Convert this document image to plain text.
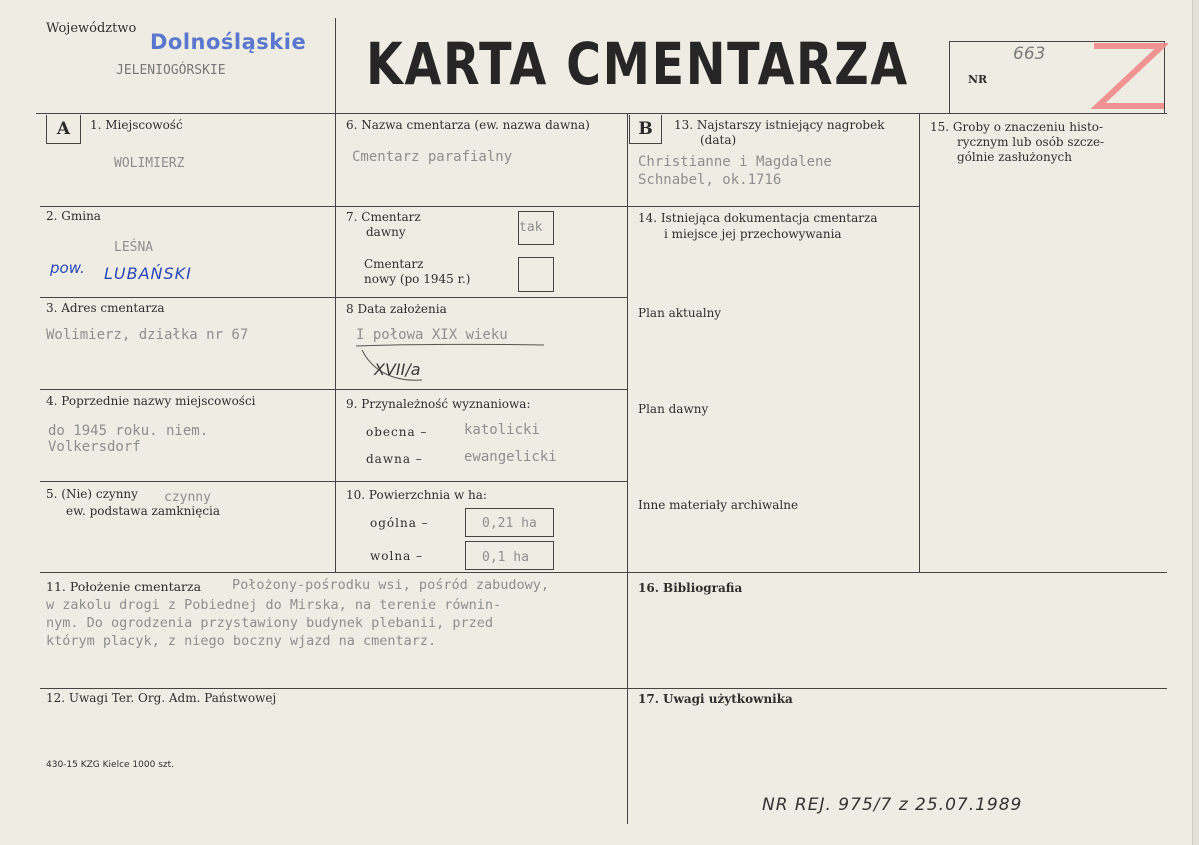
Województwo
Dolnośląskie
JELENIOGÓRSKIE KARTA CMENTARZA	NR
663
A	1. Miejscowość
WOLIMIERZ
2. Gmina
LEŚNA
pow. LUBAŃSKI
3. Adres cmentarza
Wolimierz, działka nr 67
4. Poprzednie nazwy miejscowości
do 1945 roku. niem.
Volkersdorf
5. (Nie) czynny czynny
ew. podstawa zamknięcia
6. Nazwa cmentarza (ew. nazwa dawna)
Cmentarz parafialny
7. Cmentarz
dawny	tak
Cmentarz
nowy (po 1945 r.)
8 Data założenia
I połowa XIX wieku
XVII/a
9. Przynależność wyznaniowa:
obecna –	katolicki
dawna –	ewangelicki
10. Powierzchnia w ha:
ogólna –	0,21 ha
wolna –	0,1 ha
B	13. Najstarszy istniejący nagrobek
(data)
Christianne i Magdalene
Schnabel, ok.1716
14. Istniejąca dokumentacja cmentarza
i miejsce jej przechowywania
Plan aktualny
Plan dawny
Inne materiały archiwalne
15. Groby o znaczeniu histo-
rycznym lub osób szcze-
gólnie zasłużonych
11. Położenie cmentarza Położony-pośrodku wsi, pośród zabudowy,
w zakolu drogi z Pobiednej do Mirska, na terenie równin-
nym. Do ogrodzenia przystawiony budynek plebanii, przed
którym placyk, z niego boczny wjazd na cmentarz.
16. Bibliografia
12. Uwagi Ter. Org. Adm. Państwowej	17. Uwagi użytkownika
430-15 KZG Kielce 1000 szt.
NR REJ. 975/7 z 25.07.1989
